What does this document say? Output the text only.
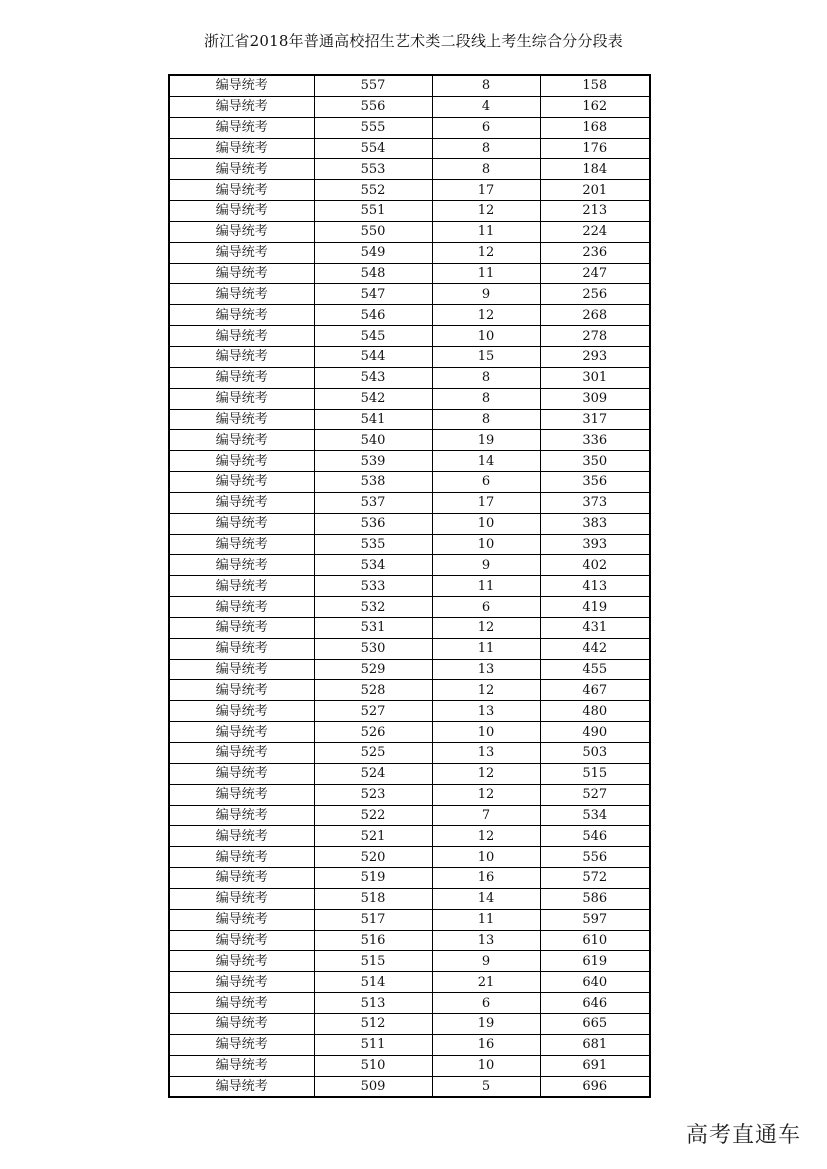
浙江省2018年普通高校招生艺术类二段线上考生综合分分段表
编导统考	557	8	158
编导统考	556	4	162
编导统考	555	6	168
编导统考	554	8	176
编导统考	553	8	184
编导统考	552	17	201
编导统考	551	12	213
编导统考	550	11	224
编导统考	549	12	236
编导统考	548	11	247
编导统考	547	9	256
编导统考	546	12	268
编导统考	545	10	278
编导统考	544	15	293
编导统考	543	8	301
编导统考	542	8	309
编导统考	541	8	317
编导统考	540	19	336
编导统考	539	14	350
编导统考	538	6	356
编导统考	537	17	373
编导统考	536	10	383
编导统考	535	10	393
编导统考	534	9	402
编导统考	533	11	413
编导统考	532	6	419
编导统考	531	12	431
编导统考	530	11	442
编导统考	529	13	455
编导统考	528	12	467
编导统考	527	13	480
编导统考	526	10	490
编导统考	525	13	503
编导统考	524	12	515
编导统考	523	12	527
编导统考	522	7	534
编导统考	521	12	546
编导统考	520	10	556
编导统考	519	16	572
编导统考	518	14	586
编导统考	517	11	597
编导统考	516	13	610
编导统考	515	9	619
编导统考	514	21	640
编导统考	513	6	646
编导统考	512	19	665
编导统考	511	16	681
编导统考	510	10	691
编导统考	509	5	696
高考直通车
